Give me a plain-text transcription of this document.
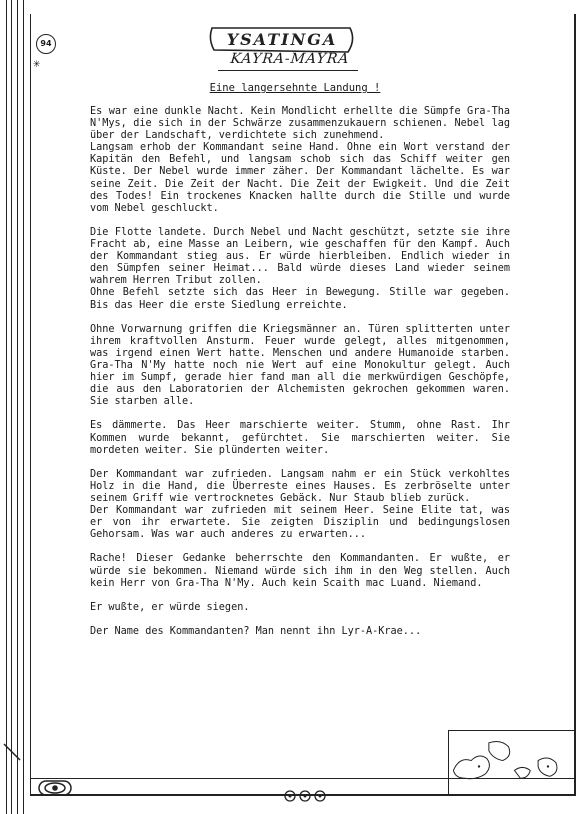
94
✳
YSATINGA
KAYRA-MAYRA
Eine langersehnte Landung !

Es war eine dunkle Nacht. Kein Mondlicht erhellte die Sümpfe Gra-Tha N'Mys, die sich in der Schwärze zusammenzukauern schienen. Nebel lag über der Landschaft, verdichtete sich zunehmend.
Langsam erhob der Kommandant seine Hand. Ohne ein Wort verstand der Kapitän den Befehl, und langsam schob sich das Schiff weiter gen Küste. Der Nebel wurde immer zäher. Der Kommandant lächelte. Es war seine Zeit. Die Zeit der Nacht. Die Zeit der Ewigkeit. Und die Zeit des Todes! Ein trockenes Knacken hallte durch die Stille und wurde vom Nebel geschluckt.

Die Flotte landete. Durch Nebel und Nacht geschützt, setzte sie ihre Fracht ab, eine Masse an Leibern, wie geschaffen für den Kampf. Auch der Kommandant stieg aus. Er würde hierbleiben. Endlich wieder in den Sümpfen seiner Heimat... Bald würde dieses Land wieder seinem wahrem Herren Tribut zollen.
Ohne Befehl setzte sich das Heer in Bewegung. Stille war gegeben. Bis das Heer die erste Siedlung erreichte.

Ohne Vorwarnung griffen die Kriegsmänner an. Türen splitterten unter ihrem kraftvollen Ansturm. Feuer wurde gelegt, alles mitgenommen, was irgend einen Wert hatte. Menschen und andere Humanoide starben. Gra-Tha N'My hatte noch nie Wert auf eine Monokultur gelegt. Auch hier im Sumpf, gerade hier fand man all die merkwürdigen Geschöpfe, die aus den Laboratorien der Alchemisten gekrochen gekommen waren. Sie starben alle.

Es dämmerte. Das Heer marschierte weiter. Stumm, ohne Rast. Ihr Kommen wurde bekannt, gefürchtet. Sie marschierten weiter. Sie mordeten weiter. Sie plünderten weiter.

Der Kommandant war zufrieden. Langsam nahm er ein Stück verkohltes Holz in die Hand, die Überreste eines Hauses. Es zerbröselte unter seinem Griff wie vertrocknetes Gebäck. Nur Staub blieb zurück.
Der Kommandant war zufrieden mit seinem Heer. Seine Elite tat, was er von ihr erwartete. Sie zeigten Disziplin und bedingungslosen Gehorsam. Was war auch anderes zu erwarten...

Rache! Dieser Gedanke beherrschte den Kommandanten. Er wußte, er würde sie bekommen. Niemand würde sich ihm in den Weg stellen. Auch kein Herr von Gra-Tha N'My. Auch kein Scaith mac Luand. Niemand.

Er wußte, er würde siegen.

Der Name des Kommandanten? Man nennt ihn Lyr-A-Krae...
